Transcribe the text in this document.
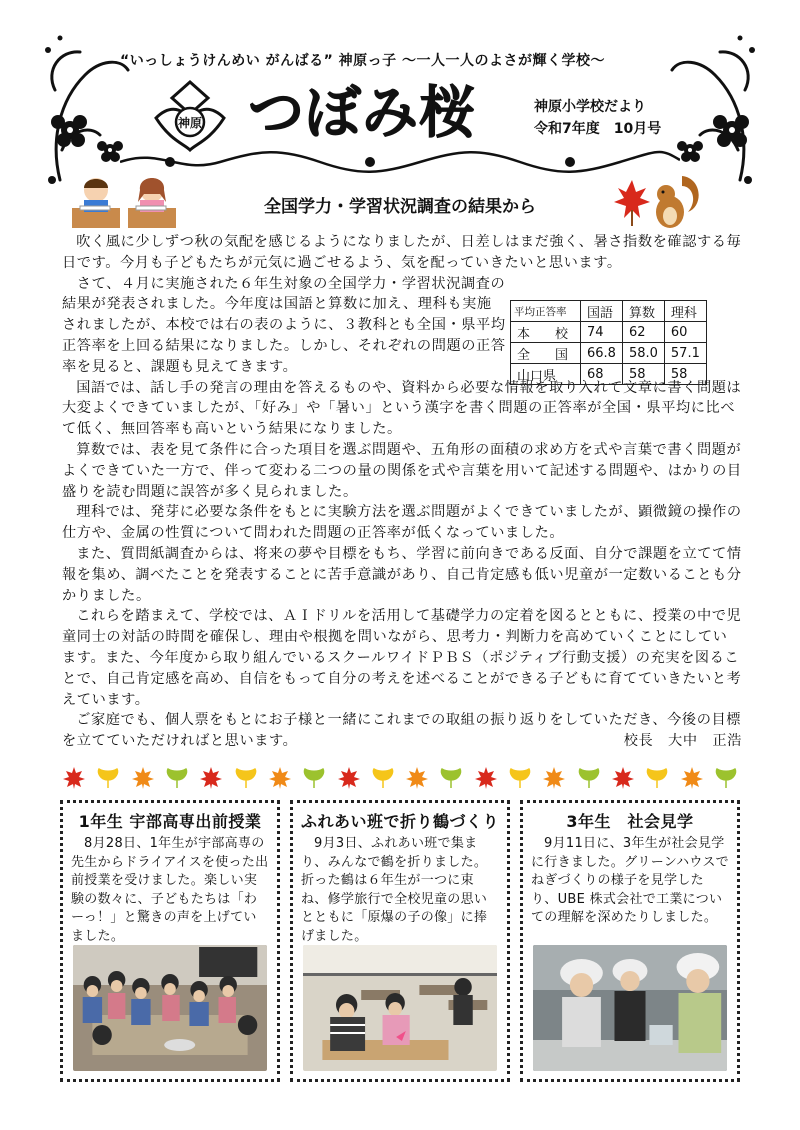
“いっしょうけんめい がんばる” 神原っ子 〜一人一人のよさが輝く学校〜
神原 つぼみ桜	神原小学校だより
令和7年度　10月号
全国学力・学習状況調査の結果から

吹く風に少しずつ秋の気配を感じるようになりましたが、日差しはまだ強く、暑さ指数を確認する毎日です。今月も子どもたちが元気に過ごせるよう、気を配っていきたいと思います。

　さて、４月に実施された６年生対象の全国学力・学習状況調査の結果が発表されました。今年度は国語と算数に加え、理科も実施されましたが、本校では右の表のように、３教科とも全国・県平均正答率を上回る結果になりました。しかし、それぞれの問題の正答率を見ると、課題も見えてきます。

国語では、話し手の発言の理由を答えるものや、資料から必要な情報を取り入れて文章に書く問題は大変よくできていましたが、「好み」や「暑い」という漢字を書く問題の正答率が全国・県平均に比べて低く、無回答率も高いという結果になりました。

算数では、表を見て条件に合った項目を選ぶ問題や、五角形の面積の求め方を式や言葉で書く問題がよくできていた一方で、伴って変わる二つの量の関係を式や言葉を用いて記述する問題や、はかりの目盛りを読む問題に誤答が多く見られました。

理科では、発芽に必要な条件をもとに実験方法を選ぶ問題がよくできていましたが、顕微鏡の操作の仕方や、金属の性質について問われた問題の正答率が低くなっていました。

また、質問紙調査からは、将来の夢や目標をもち、学習に前向きである反面、自分で課題を立てて情報を集め、調べたことを発表することに苦手意識があり、自己肯定感も低い児童が一定数いることも分かりました。

これらを踏まえて、学校では、ＡＩドリルを活用して基礎学力の定着を図るとともに、授業の中で児童同士の対話の時間を確保し、理由や根拠を問いながら、思考力・判断力を高めていくことにしています。また、今年度から取り組んでいるスクールワイドＰＢＳ（ポジティブ行動支援）の充実を図ることで、自己肯定感を高め、自信をもって自分の考えを述べることができる子どもに育てていきたいと考えています。

ご家庭でも、個人票をもとにお子様と一緒にこれまでの取組の振り返りをしていただき、今後の目標を立てていただければと思います。	校長　大中　正浩
平均正答率	国語	算数	理科
本　校	74	62	60
全　国	66.8	58.0	57.1
山口県	68	58	58
1年生 宇部高専出前授業

8月28日、1年生が宇部高専の先生からドライアイスを使った出前授業を受けました。楽しい実験の数々に、子どもたちは「わーっ！」と驚きの声を上げていました。

ふれあい班で折り鶴づくり

9月3日、ふれあい班で集まり、みんなで鶴を折りました。折った鶴は６年生が一つに束ね、修学旅行で全校児童の思いとともに「原爆の子の像」に捧げました。

3年生　社会見学

9月11日に、3年生が社会見学に行きました。グリーンハウスでねぎづくりの様子を見学したり、UBE 株式会社で工業についての理解を深めたりしました。
